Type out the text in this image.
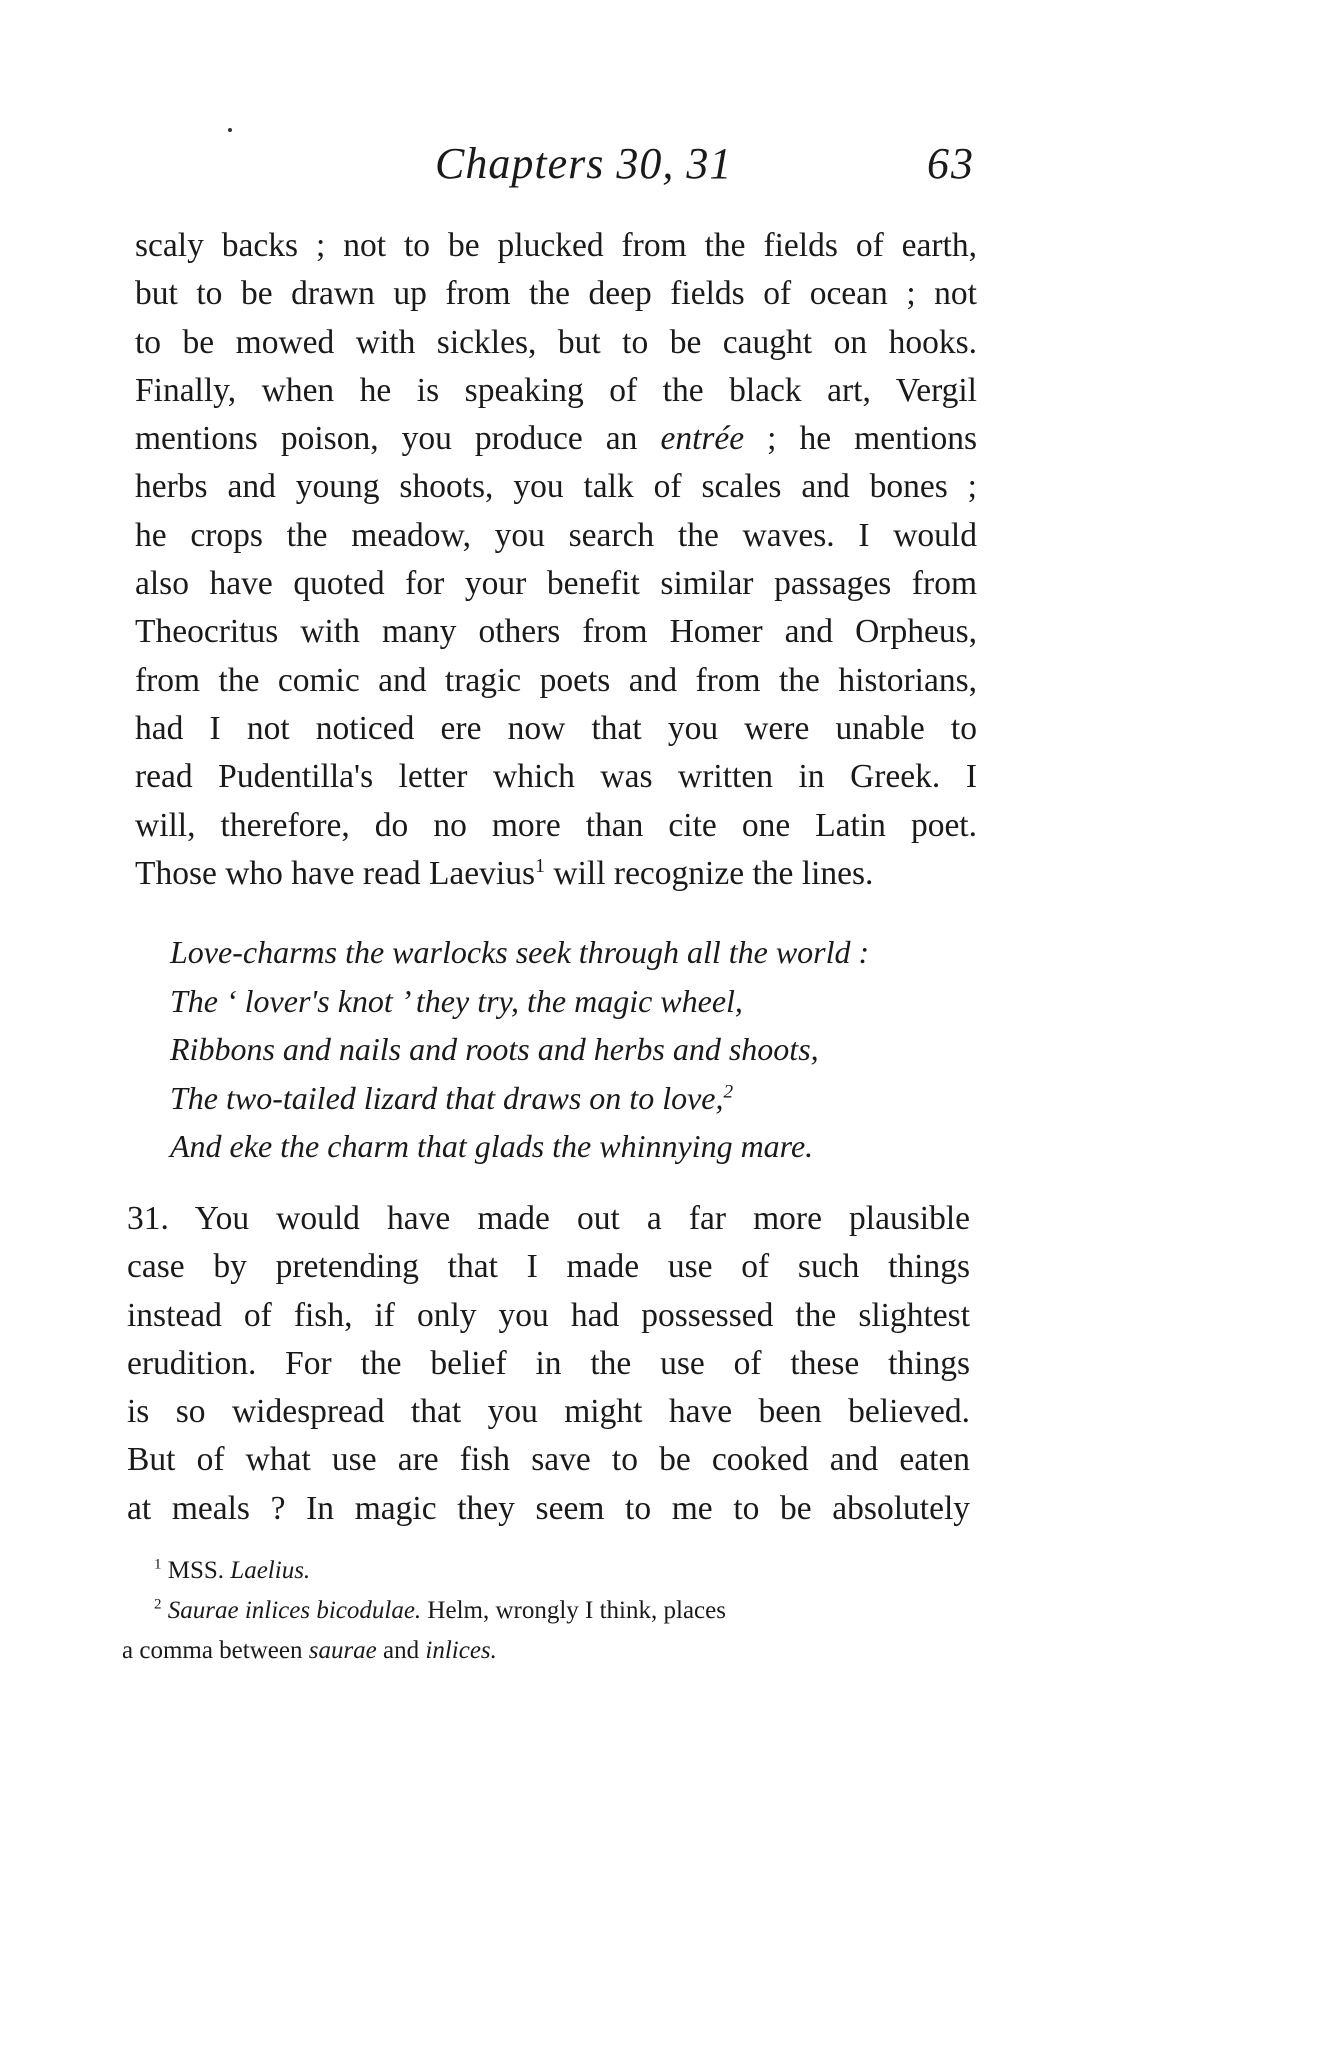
Chapters 30, 31	63
scaly backs ; not to be plucked from the fields of earth,
but to be drawn up from the deep fields of ocean ; not
to be mowed with sickles, but to be caught on hooks.
Finally, when he is speaking of the black art, Vergil
mentions poison, you produce an entrée ; he mentions
herbs and young shoots, you talk of scales and bones ;
he crops the meadow, you search the waves. I would
also have quoted for your benefit similar passages from
Theocritus with many others from Homer and Orpheus,
from the comic and tragic poets and from the historians,
had I not noticed ere now that you were unable to
read Pudentilla's letter which was written in Greek. I
will, therefore, do no more than cite one Latin poet.
Those who have read Laevius$^1$ will recognize the lines.
Love-charms the warlocks seek through all the world :
The ‘ lover's knot ’ they try, the magic wheel,
Ribbons and nails and roots and herbs and shoots,
The two-tailed lizard that draws on to love,$^2$
And eke the charm that glads the whinnying mare.
31. You would have made out a far more plausible
case by pretending that I made use of such things
instead of fish, if only you had possessed the slightest
erudition. For the belief in the use of these things
is so widespread that you might have been believed.
But of what use are fish save to be cooked and eaten
at meals ? In magic they seem to me to be absolutely
$^1$ MSS. Laelius.
$^2$ Saurae inlices bicodulae. Helm, wrongly I think, places
a comma between saurae and inlices.
